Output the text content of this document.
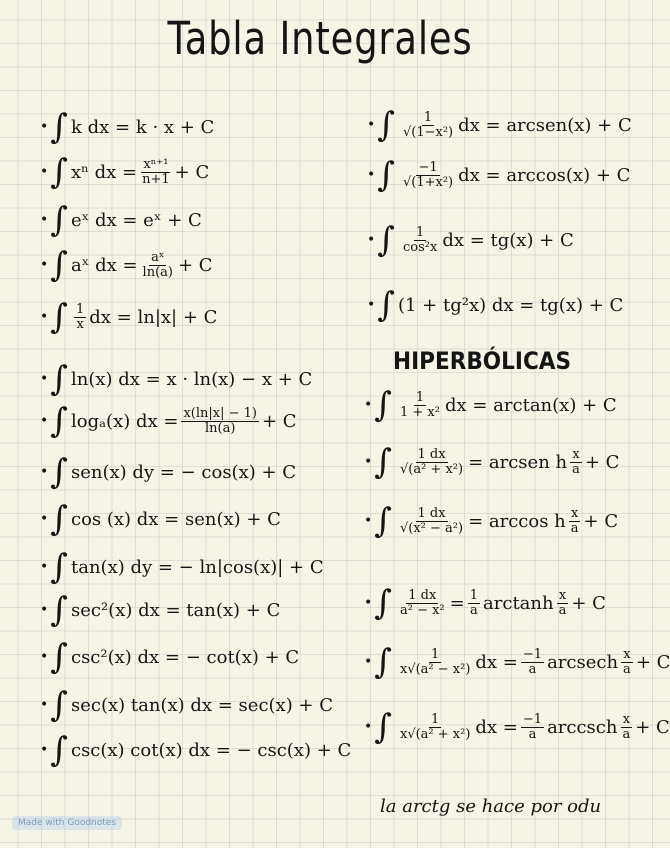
Tabla Integrales
• ∫ k dx = k · x + C
• ∫ xⁿ dx = $\frac{\text{xⁿ⁺¹}}{n+1} + C$
• ∫ eˣ dx = eˣ + C
• ∫ aˣ dx = $\frac{\text{aˣ}}{\ln(a)} + C$
• ∫ $\frac{1}{x}$ dx = ln|x| + C
• ∫ ln(x) dx = x · ln(x) − x + C
• ∫ logₐ(x) dx = $\frac{x(\ln|x| - 1)}{\ln(a)} + C$
• ∫ sen(x) dy = − cos(x) + C
• ∫ cos (x) dx = sen(x) + C
• ∫ tan(x) dy = − ln|cos(x)| + C
• ∫ sec²(x) dx = tan(x) + C
• ∫ csc²(x) dx = − cot(x) + C
• ∫ sec(x) tan(x) dx = sec(x) + C
• ∫ csc(x) cot(x) dx = − csc(x) + C
• ∫ $\frac{1}{\text{√(1−x²)}}$ dx = arcsen(x) + C
• ∫ $\frac{-1}{\text{√(1+x²)}}$ dx = arccos(x) + C
• ∫ $\frac{1}{\text{cos²x}}$ dx = tg(x) + C
• ∫ (1 + tg²x) dx = tg(x) + C
HIPERBÓLICAS
• ∫ $\frac{1}{\text{1 + x²}}$ dx = arctan(x) + C
• ∫ $\frac{1 dx}{\text{√(a² + x²)}}$ = arcsen h $\frac{x}{a} + C$
• ∫ $\frac{1 dx}{\text{√(x² − a²)}} = \arccos h \frac{x}{a} + C$
• ∫ $\frac{1 dx}{\text{a² − x²}} = \frac{1}{a}$ arctanh $\frac{x}{a} + C$
• ∫ $\frac{1}{\text{x√(a² − x²)}}$ dx = $\frac{-1}{a}$ arcsech $\frac{x}{a} + C$
• ∫ $\frac{1}{\text{x√(a² + x²)}}$ dx = $\frac{-1}{a}$ arccsch $\frac{x}{a} + C$
la arctg se hace por odu
Made with Goodnotes
